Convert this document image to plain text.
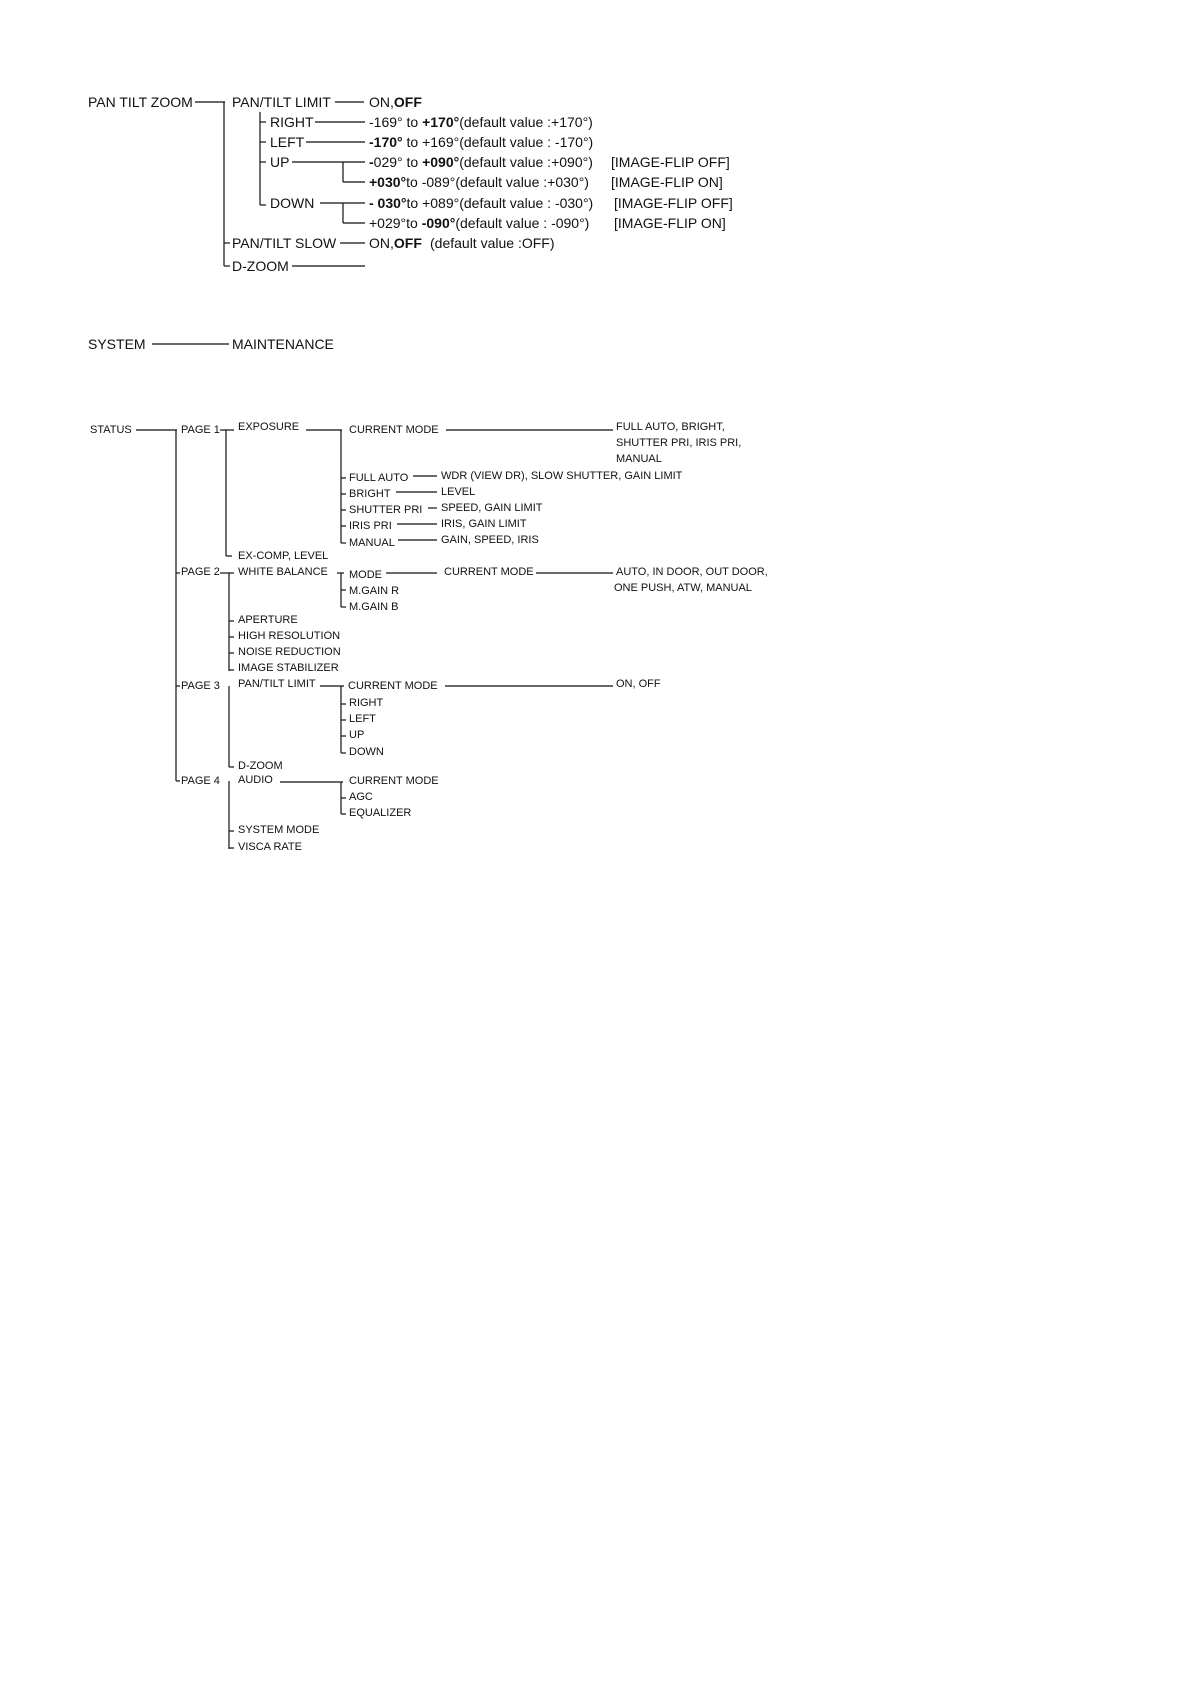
PAN TILT ZOOM	PAN/TILT LIMIT	ON,OFF
RIGHT	-169° to +170°(default value :+170°)
LEFT	-170° to +169°(default value : -170°)
UP	-029° to +090°(default value :+090°) [IMAGE-FLIP OFF]
+030°to -089°(default value :+030°) [IMAGE-FLIP ON]
DOWN	- 030°to +089°(default value : -030°) [IMAGE-FLIP OFF]
+029°to -090°(default value : -090°) [IMAGE-FLIP ON]
PAN/TILT SLOW ON,OFF (default value :OFF)
D-ZOOM
SYSTEM	MAINTENANCE
STATUS	PAGE 1 EXPOSURE	CURRENT MODE	FULL AUTO, BRIGHT,
SHUTTER PRI, IRIS PRI,
MANUAL
FULL AUTO	WDR (VIEW DR), SLOW SHUTTER, GAIN LIMIT
BRIGHT	LEVEL
SHUTTER PRI SPEED, GAIN LIMIT
IRIS PRI	IRIS, GAIN LIMIT
MANUAL	GAIN, SPEED, IRIS
EX-COMP, LEVEL
PAGE 2 WHITE BALANCE MODE
M.GAIN R
M.GAIN B
CURRENT MODE	AUTO, IN DOOR, OUT DOOR,
ONE PUSH, ATW, MANUAL
APERTURE
HIGH RESOLUTION
NOISE REDUCTION
IMAGE STABILIZER
PAGE 3 PAN/TILT LIMIT	CURRENT MODE
RIGHT
LEFT
UP
DOWN
ON, OFF
D-ZOOM
PAGE 4 AUDIO	CURRENT MODE
AGC
EQUALIZER
SYSTEM MODE
VISCA RATE
